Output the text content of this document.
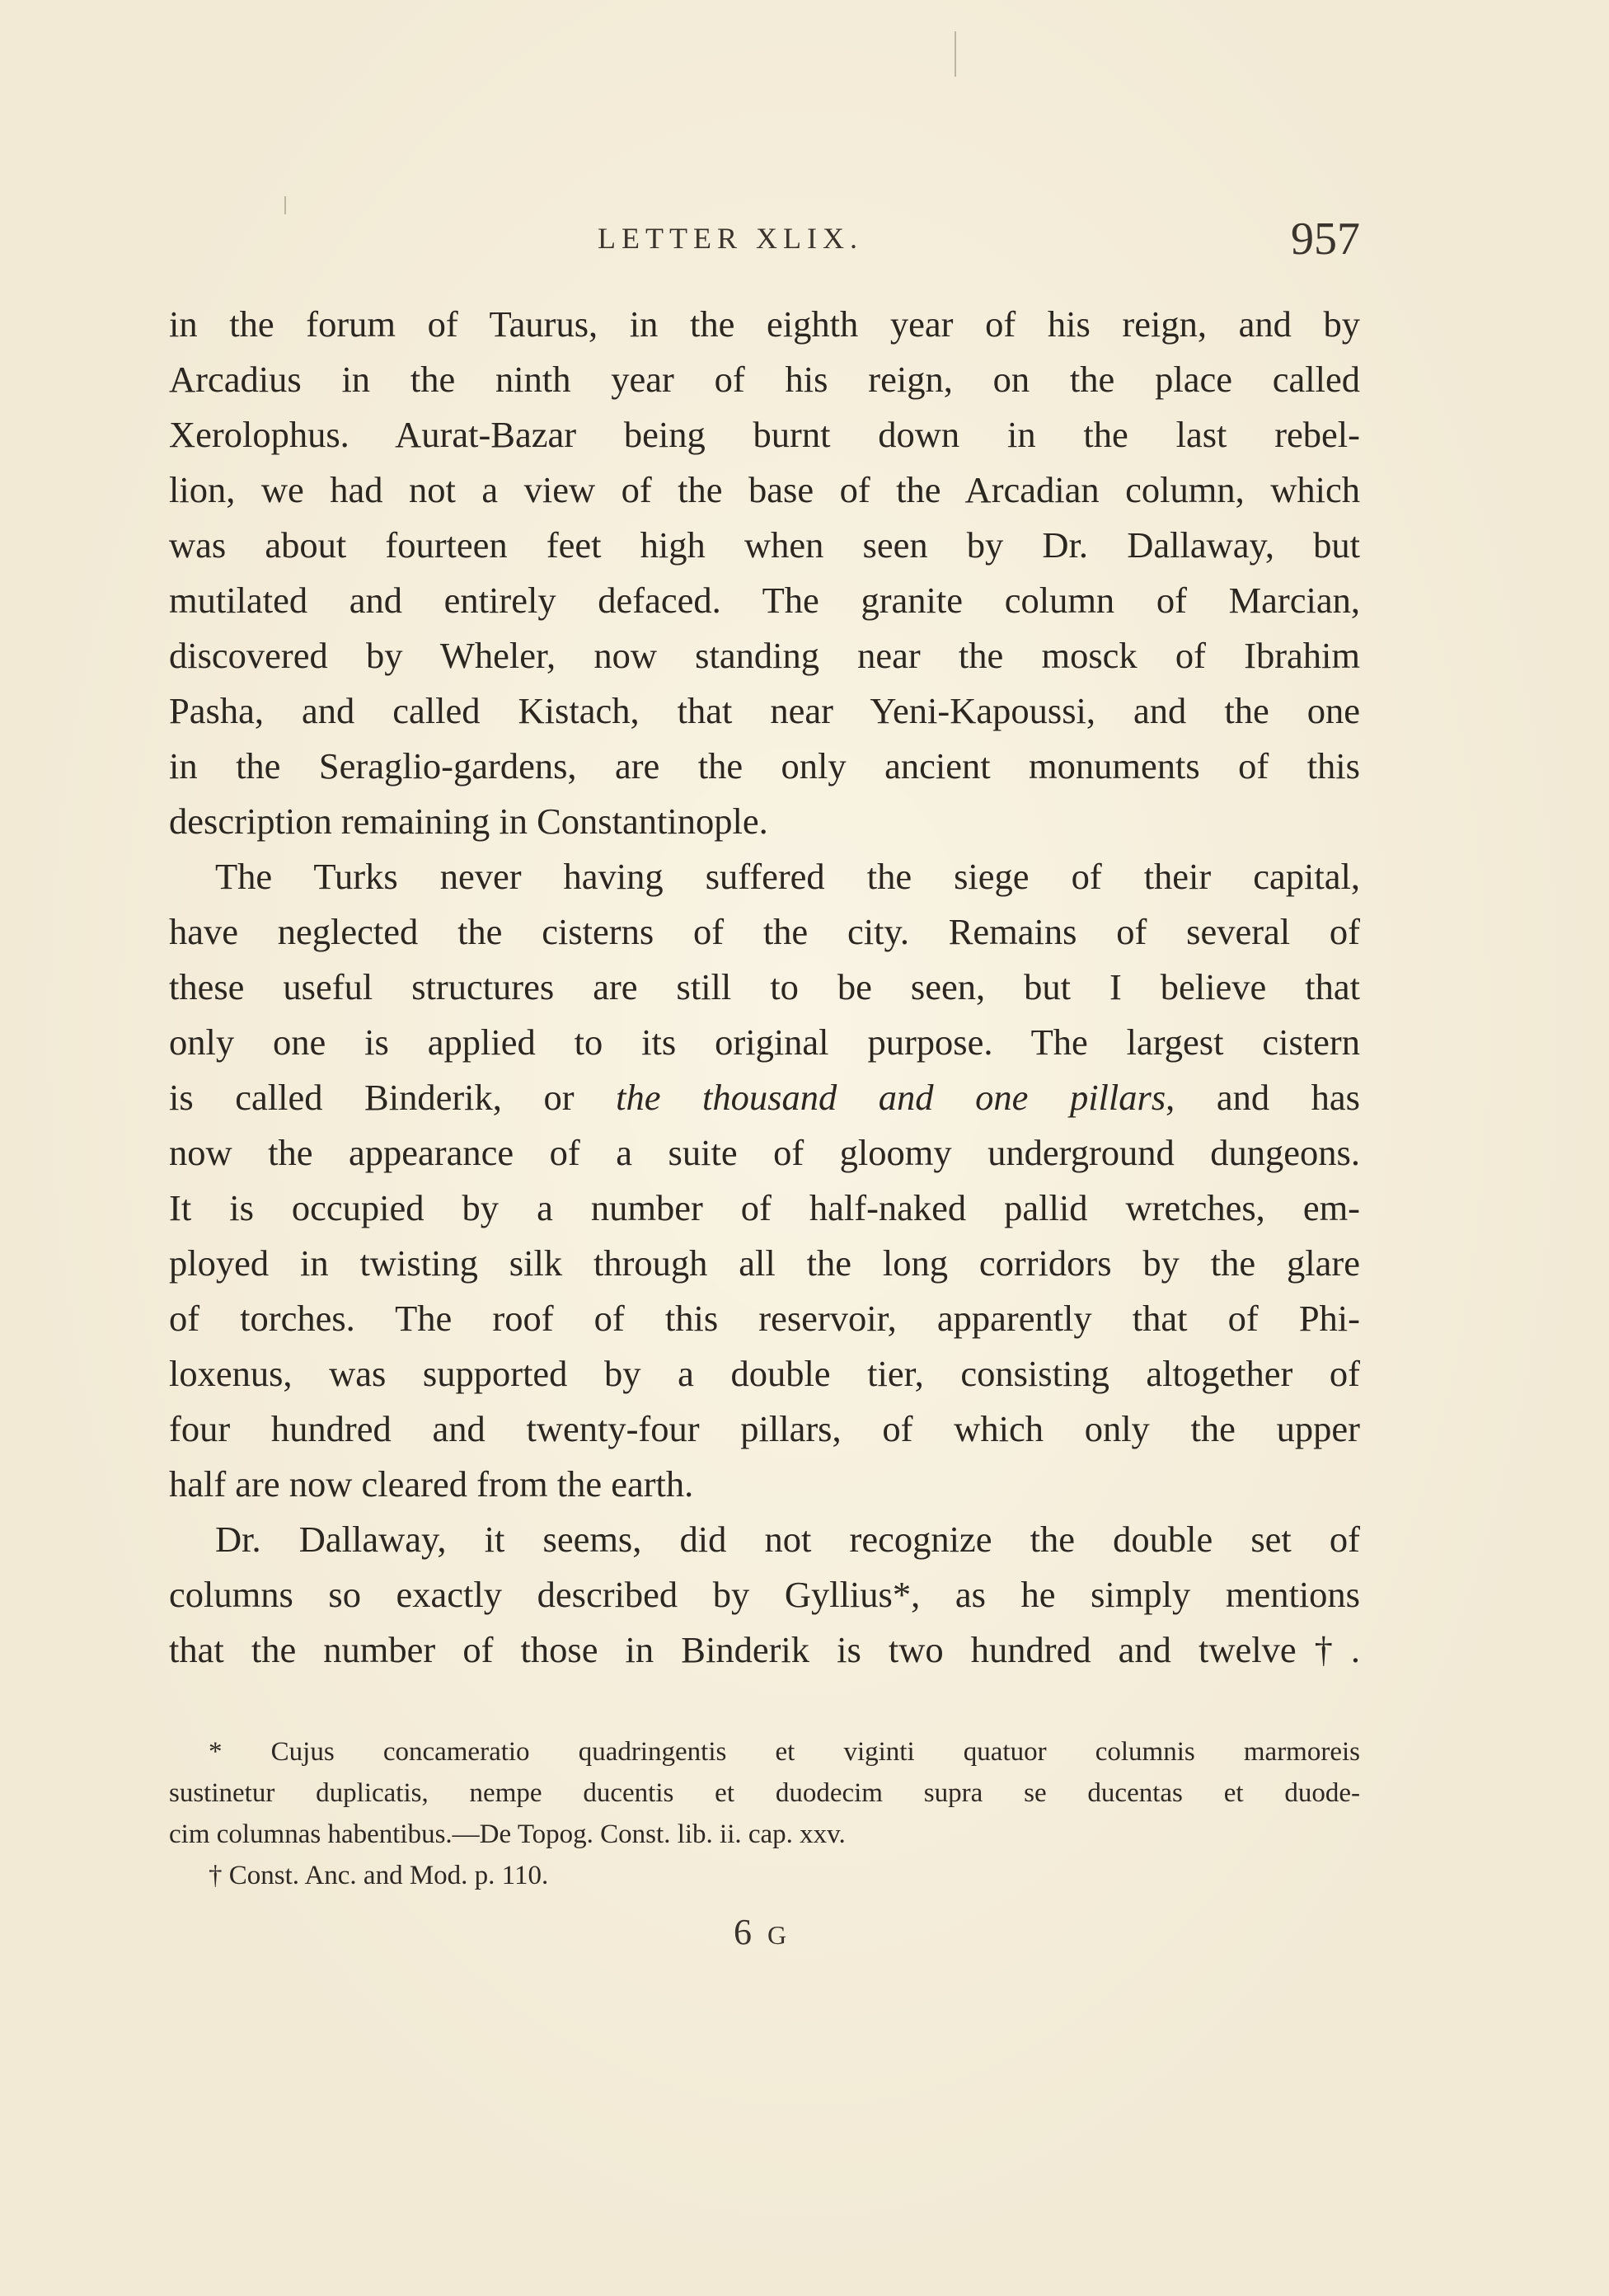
LETTER XLIX.	957

in the forum of Taurus, in the eighth year of his reign, and by

Arcadius in the ninth year of his reign, on the place called

Xerolophus. Aurat-Bazar being burnt down in the last rebel-

lion, we had not a view of the base of the Arcadian column, which

was about fourteen feet high when seen by Dr. Dallaway, but

mutilated and entirely defaced. The granite column of Marcian,

discovered by Wheler, now standing near the mosck of Ibrahim

Pasha, and called Kistach, that near Yeni-Kapoussi, and the one

in the Seraglio-gardens, are the only ancient monuments of this

description remaining in Constantinople.

The Turks never having suffered the siege of their capital,

have neglected the cisterns of the city. Remains of several of

these useful structures are still to be seen, but I believe that

only one is applied to its original purpose. The largest cistern

is called Binderik, or the thousand and one pillars, and has

now the appearance of a suite of gloomy underground dungeons.

It is occupied by a number of half-naked pallid wretches, em-

ployed in twisting silk through all the long corridors by the glare

of torches. The roof of this reservoir, apparently that of Phi-

loxenus, was supported by a double tier, consisting altogether of

four hundred and twenty-four pillars, of which only the upper

half are now cleared from the earth.

Dr. Dallaway, it seems, did not recognize the double set of

columns so exactly described by Gyllius*, as he simply mentions

that the number of those in Binderik is two hundred and twelve†.

* Cujus concameratio quadringentis et viginti quatuor columnis marmoreis

sustinetur duplicatis, nempe ducentis et duodecim supra se ducentas et duode-

cim columnas habentibus.—De Topog. Const. lib. ii. cap. xxv.

† Const. Anc. and Mod. p. 110.

6 G
